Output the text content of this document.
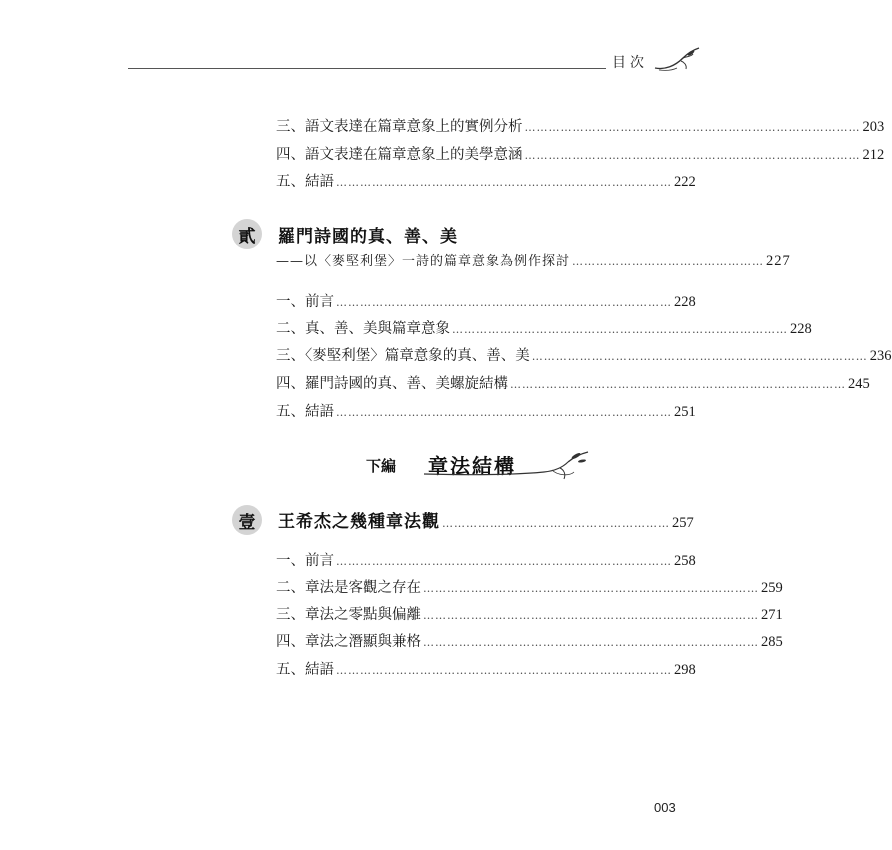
目次
三、語文表達在篇章意象上的實例分析 ………………………………………………………………………… 203
四、語文表達在篇章意象上的美學意涵 ………………………………………………………………………… 212
五、結語 ………………………………………………………………………… 222
貳	羅門詩國的真、善、美
——以〈麥堅利堡〉一詩的篇章意象為例作探討 ………………………………………… 227
一、前言 ………………………………………………………………………… 228
二、真、善、美與篇章意象 ………………………………………………………………………… 228
三、〈麥堅利堡〉篇章意象的真、善、美 ………………………………………………………………………… 236
四、羅門詩國的真、善、美螺旋結構 ………………………………………………………………………… 245
五、結語 ………………………………………………………………………… 251
下編 章法結構
壹	王希杰之幾種章法觀 ………………………………………………… 257
一、前言 ………………………………………………………………………… 258
二、章法是客觀之存在 ………………………………………………………………………… 259
三、章法之零點與偏離 ………………………………………………………………………… 271
四、章法之潛顯與兼格 ………………………………………………………………………… 285
五、結語 ………………………………………………………………………… 298
003
